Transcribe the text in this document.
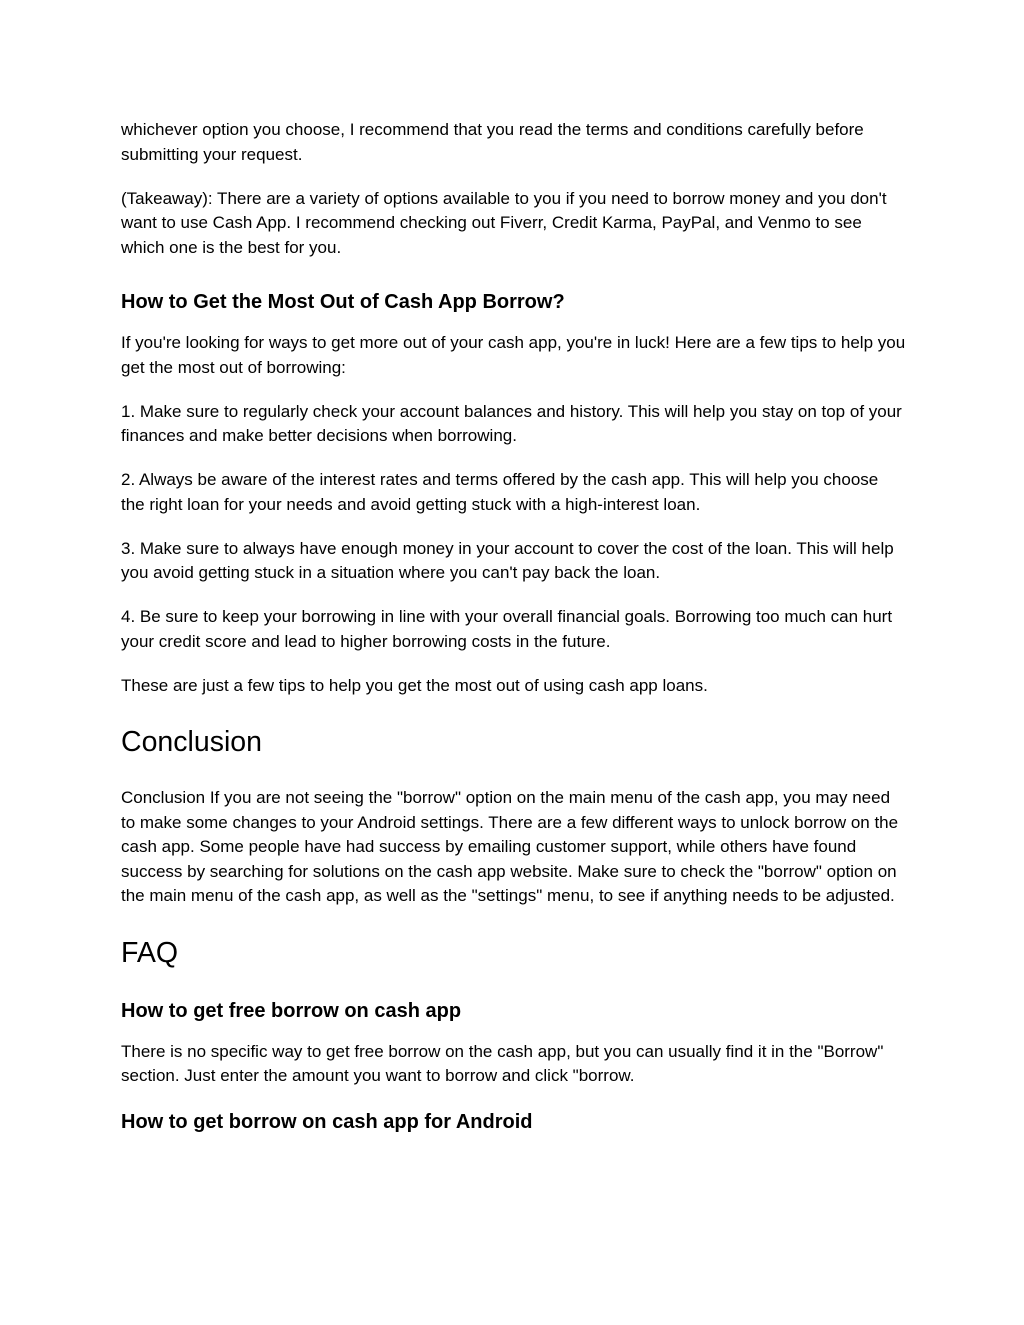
whichever option you choose, I recommend that you read the terms and conditions carefully before submitting your request.

(Takeaway): There are a variety of options available to you if you need to borrow money and you don't want to use Cash App. I recommend checking out Fiverr, Credit Karma, PayPal, and Venmo to see which one is the best for you.

How to Get the Most Out of Cash App Borrow?

If you're looking for ways to get more out of your cash app, you're in luck! Here are a few tips to help you get the most out of borrowing:

1. Make sure to regularly check your account balances and history. This will help you stay on top of your finances and make better decisions when borrowing.

2. Always be aware of the interest rates and terms offered by the cash app. This will help you choose the right loan for your needs and avoid getting stuck with a high-interest loan.

3. Make sure to always have enough money in your account to cover the cost of the loan. This will help you avoid getting stuck in a situation where you can't pay back the loan.

4. Be sure to keep your borrowing in line with your overall financial goals. Borrowing too much can hurt your credit score and lead to higher borrowing costs in the future.

These are just a few tips to help you get the most out of using cash app loans.

Conclusion

Conclusion If you are not seeing the "borrow" option on the main menu of the cash app, you may need to make some changes to your Android settings. There are a few different ways to unlock borrow on the cash app. Some people have had success by emailing customer support, while others have found success by searching for solutions on the cash app website. Make sure to check the "borrow" option on the main menu of the cash app, as well as the "settings" menu, to see if anything needs to be adjusted.

FAQ
How to get free borrow on cash app

There is no specific way to get free borrow on the cash app, but you can usually find it in the "Borrow" section. Just enter the amount you want to borrow and click "borrow.

How to get borrow on cash app for Android
